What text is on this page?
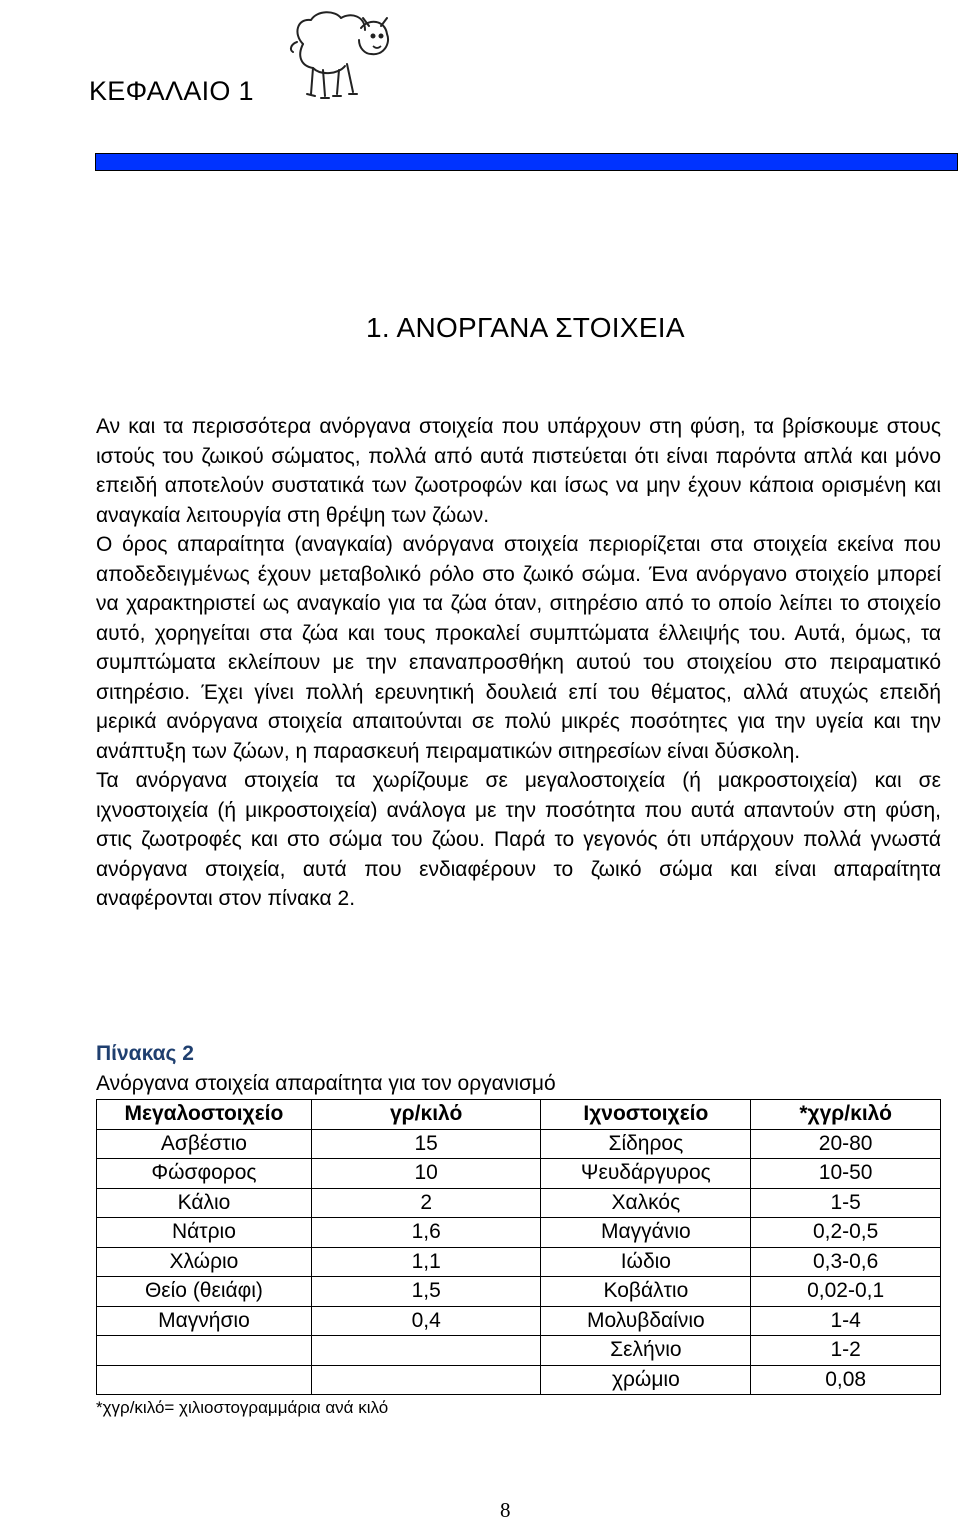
ΚΕΦΑΛΑΙΟ 1
1. ΑΝΟΡΓΑΝΑ ΣΤΟΙΧΕΙΑ

Αν και τα περισσότερα ανόργανα στοιχεία που υπάρχουν στη φύση, τα βρίσκουμε στους ιστούς του ζωικού σώματος, πολλά από αυτά πιστεύεται ότι είναι παρόντα απλά και μόνο επειδή αποτελούν συστατικά των ζωοτροφών και ίσως να μην έχουν κάποια ορισμένη και αναγκαία λειτουργία στη θρέψη των ζώων.

Ο όρος απαραίτητα (αναγκαία) ανόργανα στοιχεία περιορίζεται στα στοιχεία εκείνα που αποδεδειγμένως έχουν μεταβολικό ρόλο στο ζωικό σώμα. Ένα ανόργανο στοιχείο μπορεί να χαρακτηριστεί ως αναγκαίο για τα ζώα όταν, σιτηρέσιο από το οποίο λείπει το στοιχείο αυτό, χορηγείται στα ζώα και τους προκαλεί συμπτώματα έλλειψής του. Αυτά, όμως, τα συμπτώματα εκλείπουν με την επαναπροσθήκη αυτού του στοιχείου στο πειραματικό σιτηρέσιο. Έχει γίνει πολλή ερευνητική δουλειά επί του θέματος, αλλά ατυχώς επειδή μερικά ανόργανα στοιχεία απαιτούνται σε πολύ μικρές ποσότητες για την υγεία και την ανάπτυξη των ζώων, η παρασκευή πειραματικών σιτηρεσίων είναι δύσκολη.

Τα ανόργανα στοιχεία τα χωρίζουμε σε μεγαλοστοιχεία (ή μακροστοιχεία) και σε ιχνοστοιχεία (ή μικροστοιχεία) ανάλογα με την ποσότητα που αυτά απαντούν στη φύση, στις ζωοτροφές και στο σώμα του ζώου. Παρά το γεγονός ότι υπάρχουν πολλά γνωστά ανόργανα στοιχεία, αυτά που ενδιαφέρουν το ζωικό σώμα και είναι απαραίτητα αναφέρονται στον πίνακα 2.

Πίνακας 2
Ανόργανα στοιχεία απαραίτητα για τον οργανισμό
Μεγαλοστοιχείο	γρ/κιλό	Ιχνοστοιχείο	*χγρ/κιλό
Ασβέστιο	15	Σίδηρος	20-80
Φώσφορος	10	Ψευδάργυρος	10-50
Κάλιο	2	Χαλκός	1-5
Νάτριο	1,6	Μαγγάνιο	0,2-0,5
Χλώριο	1,1	Ιώδιο	0,3-0,6
Θείο (θειάφι)	1,5	Κοβάλτιο	0,02-0,1
Μαγνήσιο	0,4	Μολυβδαίνιο	1-4
		Σελήνιο	1-2
		χρώμιο	0,08
*χγρ/κιλό= χιλιοστογραμμάρια ανά κιλό
8
